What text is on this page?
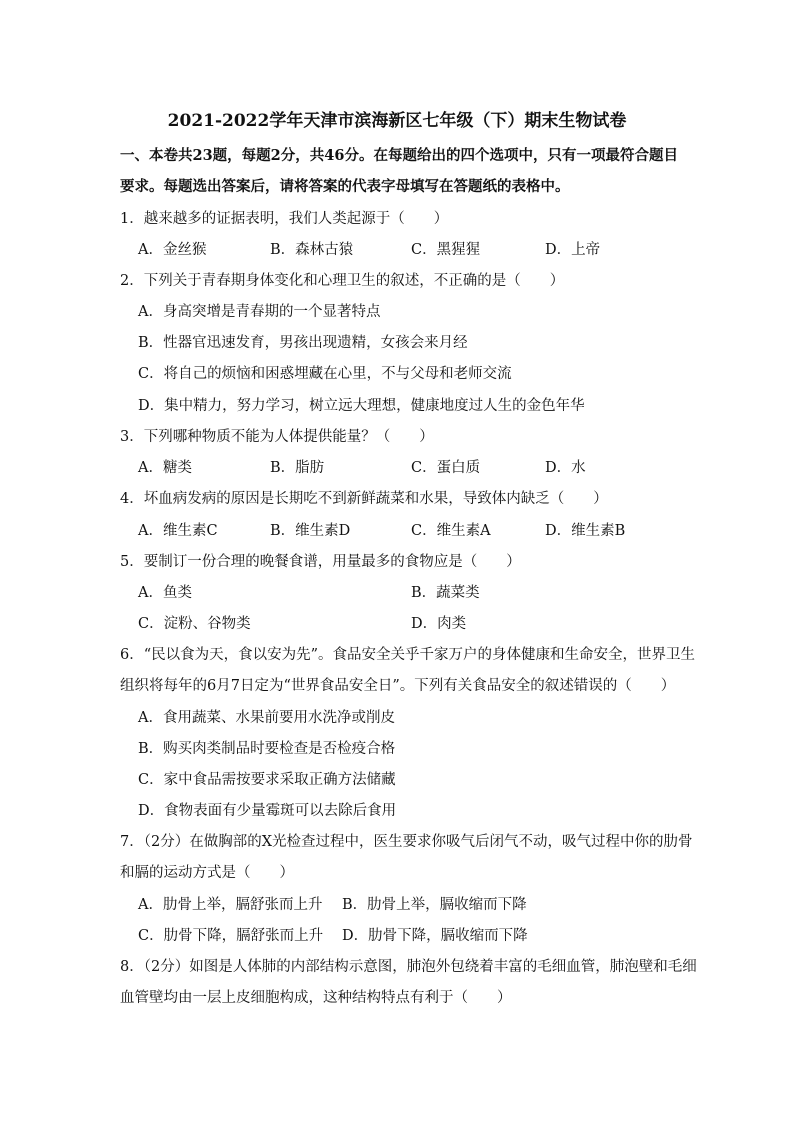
2021-2022学年天津市滨海新区七年级（下）期末生物试卷
一、本卷共23题，每题2分，共46分。在每题给出的四个选项中，只有一项最符合题目
要求。每题选出答案后，请将答案的代表字母填写在答题纸的表格中。
1．越来越多的证据表明，我们人类起源于（　　）
A．金丝猴	B．森林古猿	C．黑猩猩	D．上帝
2．下列关于青春期身体变化和心理卫生的叙述，不正确的是（　　）
A．身高突增是青春期的一个显著特点
B．性器官迅速发育，男孩出现遗精，女孩会来月经
C．将自己的烦恼和困惑埋藏在心里，不与父母和老师交流
D．集中精力，努力学习，树立远大理想，健康地度过人生的金色年华
3．下列哪种物质不能为人体提供能量？（　　）
A．糖类	B．脂肪	C．蛋白质	D．水
4．坏血病发病的原因是长期吃不到新鲜蔬菜和水果，导致体内缺乏（　　）
A．维生素C	B．维生素D	C．维生素A	D．维生素B
5．要制订一份合理的晚餐食谱，用量最多的食物应是（　　）
A．鱼类	B．蔬菜类
C．淀粉、谷物类	D．肉类
6．“民以食为天，食以安为先”。食品安全关乎千家万户的身体健康和生命安全，世界卫生
组织将每年的6月7日定为“世界食品安全日”。下列有关食品安全的叙述错误的（　　）
A．食用蔬菜、水果前要用水洗净或削皮
B．购买肉类制品时要检查是否检疫合格
C．家中食品需按要求采取正确方法储藏
D．食物表面有少量霉斑可以去除后食用
7．（2分）在做胸部的X光检查过程中，医生要求你吸气后闭气不动，吸气过程中你的肋骨
和膈的运动方式是（　　）
A．肋骨上举，膈舒张而上升 B．肋骨上举，膈收缩而下降
C．肋骨下降，膈舒张而上升 D．肋骨下降，膈收缩而下降
8．（2分）如图是人体肺的内部结构示意图，肺泡外包绕着丰富的毛细血管，肺泡壁和毛细
血管壁均由一层上皮细胞构成，这种结构特点有利于（　　）
